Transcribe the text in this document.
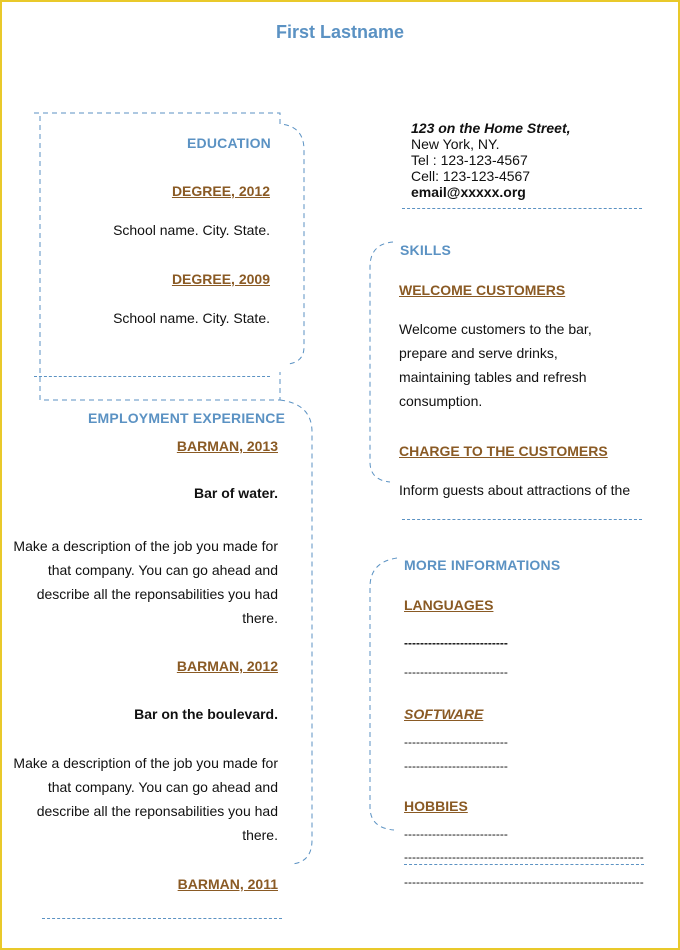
First Lastname
EDUCATION
DEGREE, 2012
School name. City. State.
DEGREE, 2009
School name. City. State.
EMPLOYMENT EXPERIENCE
BARMAN, 2013
Bar of water.
Make a description of the job you made for
that company. You can go ahead and
describe all the reponsabilities you had
there.
BARMAN, 2012
Bar on the boulevard.
Make a description of the job you made for
that company. You can go ahead and
describe all the reponsabilities you had
there.
BARMAN, 2011
123 on the Home Street,
New York, NY.
Tel : 123-123-4567
Cell: 123-123-4567
email@xxxxx.org
SKILLS
WELCOME CUSTOMERS
Welcome customers to the bar,
prepare and serve drinks,
maintaining tables and refresh
consumption.
CHARGE TO THE CUSTOMERS
Inform guests about attractions of the
MORE INFORMATIONS
LANGUAGES
--------------------------
--------------------------
SOFTWARE
--------------------------
--------------------------
HOBBIES
--------------------------
------------------------------------------------------------
------------------------------------------------------------
